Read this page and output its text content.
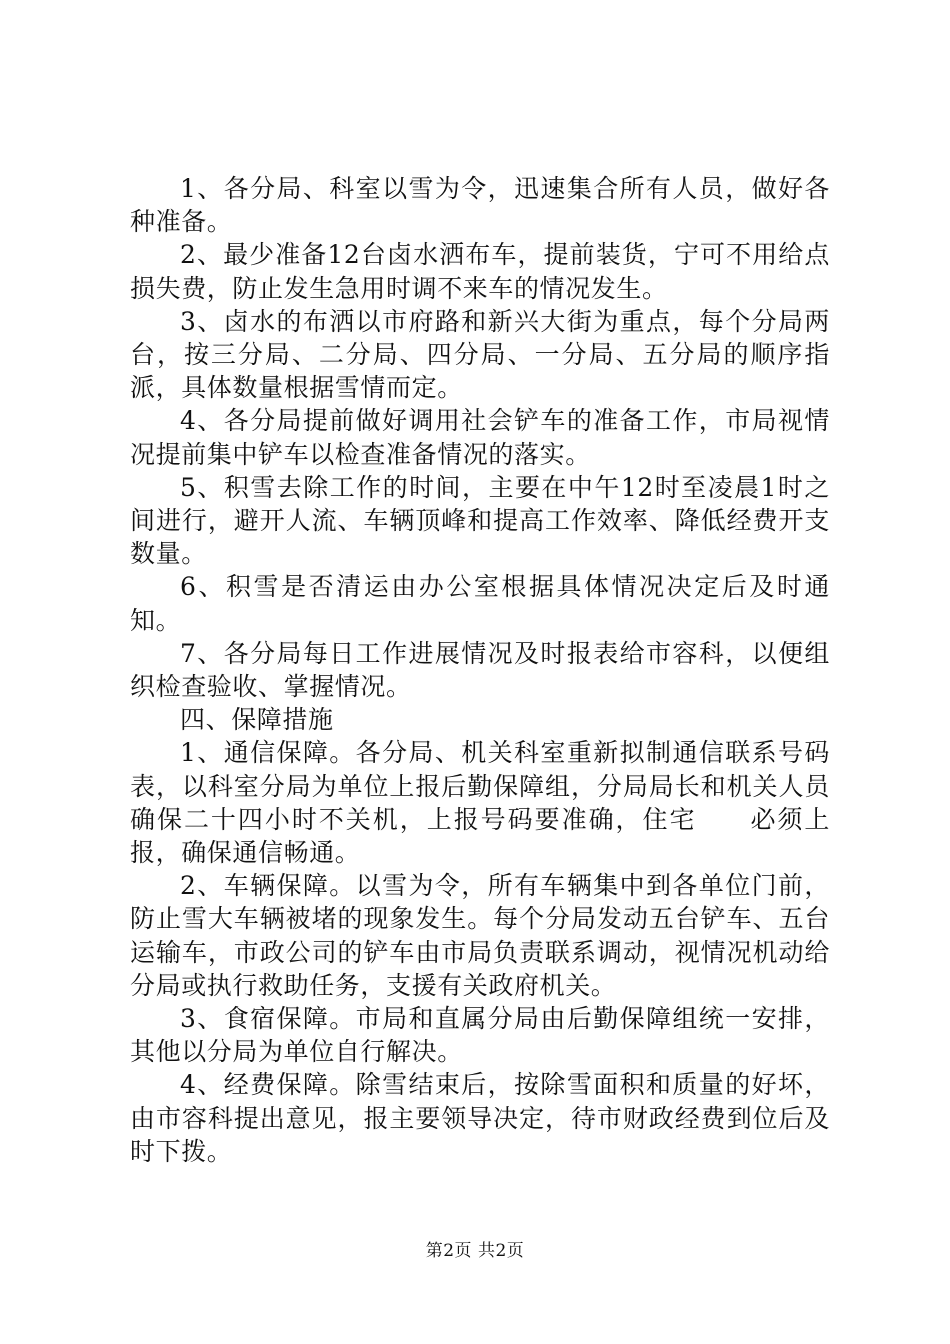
1、各分局、科室以雪为令，迅速集合所有人员，做好各种准备。

2、最少准备12台卤水洒布车，提前装货，宁可不用给点损失费，防止发生急用时调不来车的情况发生。

3、卤水的布洒以市府路和新兴大街为重点，每个分局两台，按三分局、二分局、四分局、一分局、五分局的顺序指派，具体数量根据雪情而定。

4、各分局提前做好调用社会铲车的准备工作，市局视情况提前集中铲车以检查准备情况的落实。

5、积雪去除工作的时间，主要在中午12时至凌晨1时之间进行，避开人流、车辆顶峰和提高工作效率、降低经费开支数量。

6、积雪是否清运由办公室根据具体情况决定后及时通知。

7、各分局每日工作进展情况及时报表给市容科，以便组织检查验收、掌握情况。

四、保障措施

1、通信保障。各分局、机关科室重新拟制通信联系号码表，以科室分局为单位上报后勤保障组，分局局长和机关人员确保二十四小时不关机，上报号码要准确，住宅　　必须上报，确保通信畅通。

2、车辆保障。以雪为令，所有车辆集中到各单位门前，防止雪大车辆被堵的现象发生。每个分局发动五台铲车、五台运输车，市政公司的铲车由市局负责联系调动，视情况机动给分局或执行救助任务，支援有关政府机关。

3、食宿保障。市局和直属分局由后勤保障组统一安排，其他以分局为单位自行解决。

4、经费保障。除雪结束后，按除雪面积和质量的好坏，由市容科提出意见，报主要领导决定，待市财政经费到位后及时下拨。

第2页 共2页
